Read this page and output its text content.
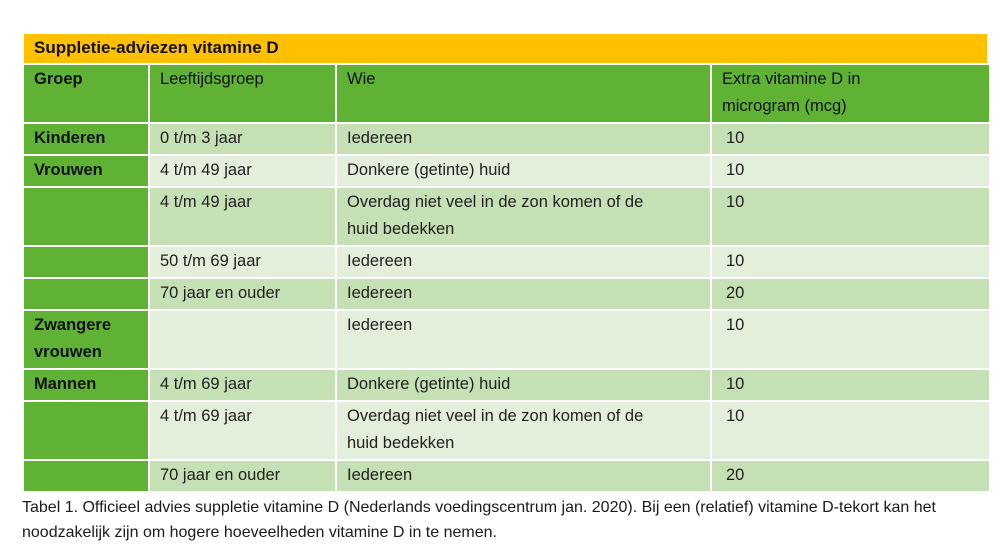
Suppletie-adviezen vitamine D
Groep	Leeftijdsgroep	Wie	Extra vitamine D in microgram (mcg)

Kinderen	0 t/m 3 jaar	Iedereen	10

Vrouwen	4 t/m 49 jaar	Donkere (getinte) huid	10

	4 t/m 49 jaar	Overdag niet veel in de zon komen of de huid bedekken	10

	50 t/m 69 jaar	Iedereen	10

	70 jaar en ouder	Iedereen	20

Zwangere vrouwen		Iedereen	10

Mannen	4 t/m 69 jaar	Donkere (getinte) huid	10

	4 t/m 69 jaar	Overdag niet veel in de zon komen of de huid bedekken	10

	70 jaar en ouder	Iedereen	20

Tabel 1. Officieel advies suppletie vitamine D (Nederlands voedingscentrum jan. 2020). Bij een (relatief) vitamine D-tekort kan het noodzakelijk zijn om hogere hoeveelheden vitamine D in te nemen.
